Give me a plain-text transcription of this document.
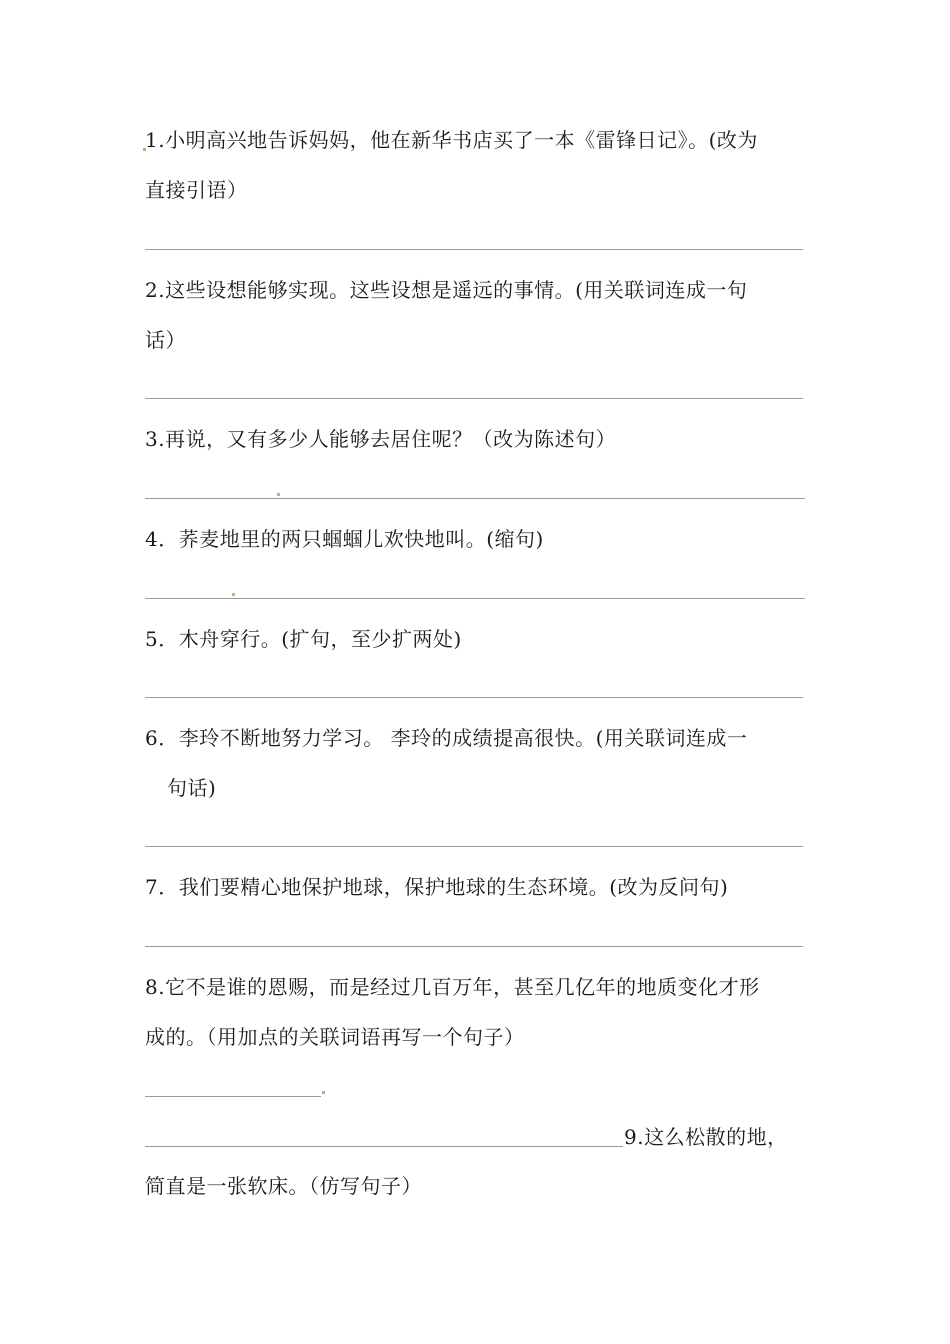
1.小明高兴地告诉妈妈，他在新华书店买了一本《雷锋日记》。(改为
直接引语）
2.这些设想能够实现。这些设想是遥远的事情。(用关联词连成一句
话）
3.再说，又有多少人能够去居住呢？（改为陈述句）
4．荞麦地里的两只蝈蝈儿欢快地叫。(缩句)
5．木舟穿行。(扩句，至少扩两处)
6．李玲不断地努力学习。 李玲的成绩提高很快。(用关联词连成一
句话)
7．我们要精心地保护地球，保护地球的生态环境。(改为反问句)
8.它不是谁的恩赐，而是经过几百万年，甚至几亿年的地质变化才形
成的。（用加点的关联词语再写一个句子）
9.这么松散的地，
简直是一张软床。（仿写句子）
